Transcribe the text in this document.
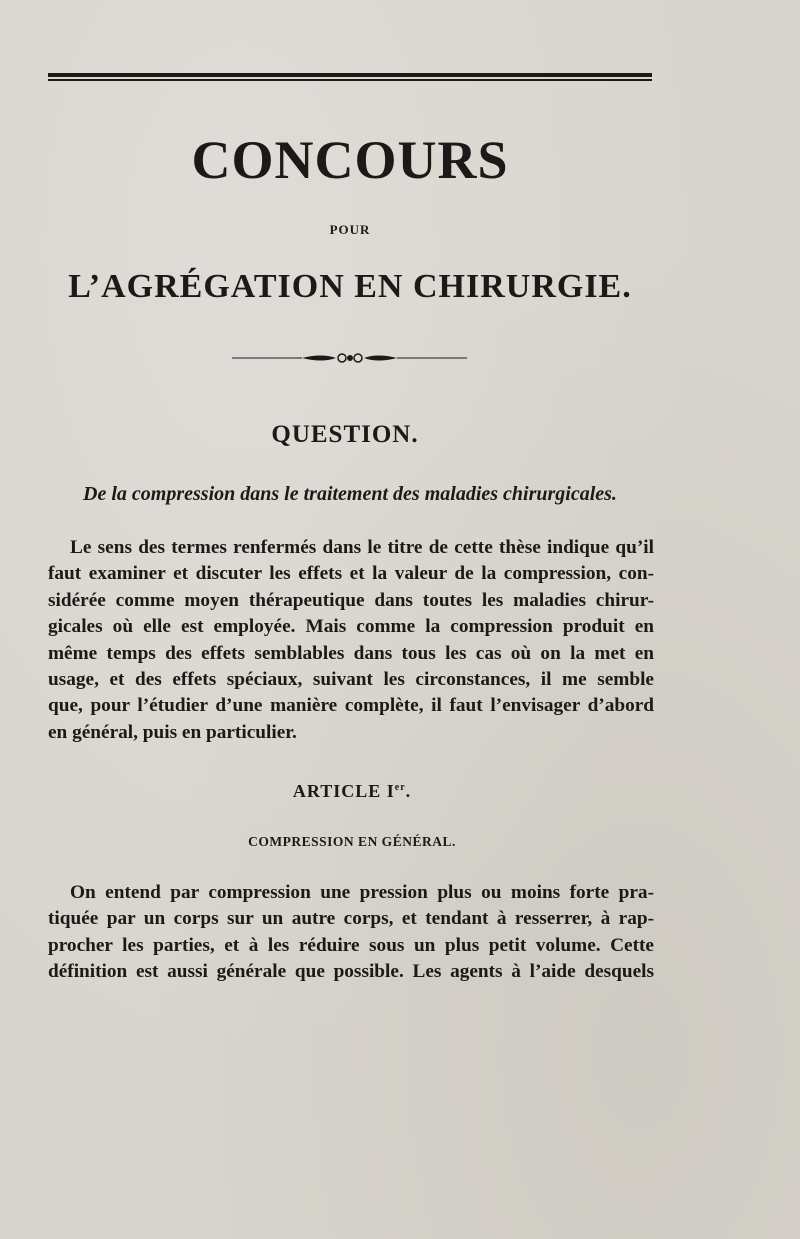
CONCOURS
POUR
L’AGRÉGATION EN CHIRURGIE.
QUESTION.

De la compression dans le traitement des maladies chirurgicales.

Le sens des termes renfermés dans le titre de cette thèse indique qu’il
faut examiner et discuter les effets et la valeur de la compression, con-
sidérée comme moyen thérapeutique dans toutes les maladies chirur-
gicales où elle est employée. Mais comme la compression produit en
même temps des effets semblables dans tous les cas où on la met en
usage, et des effets spéciaux, suivant les circonstances, il me semble
que, pour l’étudier d’une manière complète, il faut l’envisager d’abord
en général, puis en particulier.
ARTICLE Ier.
COMPRESSION EN GÉNÉRAL.
On entend par compression une pression plus ou moins forte pra-
tiquée par un corps sur un autre corps, et tendant à resserrer, à rap-
procher les parties, et à les réduire sous un plus petit volume. Cette
définition est aussi générale que possible. Les agents à l’aide desquels
